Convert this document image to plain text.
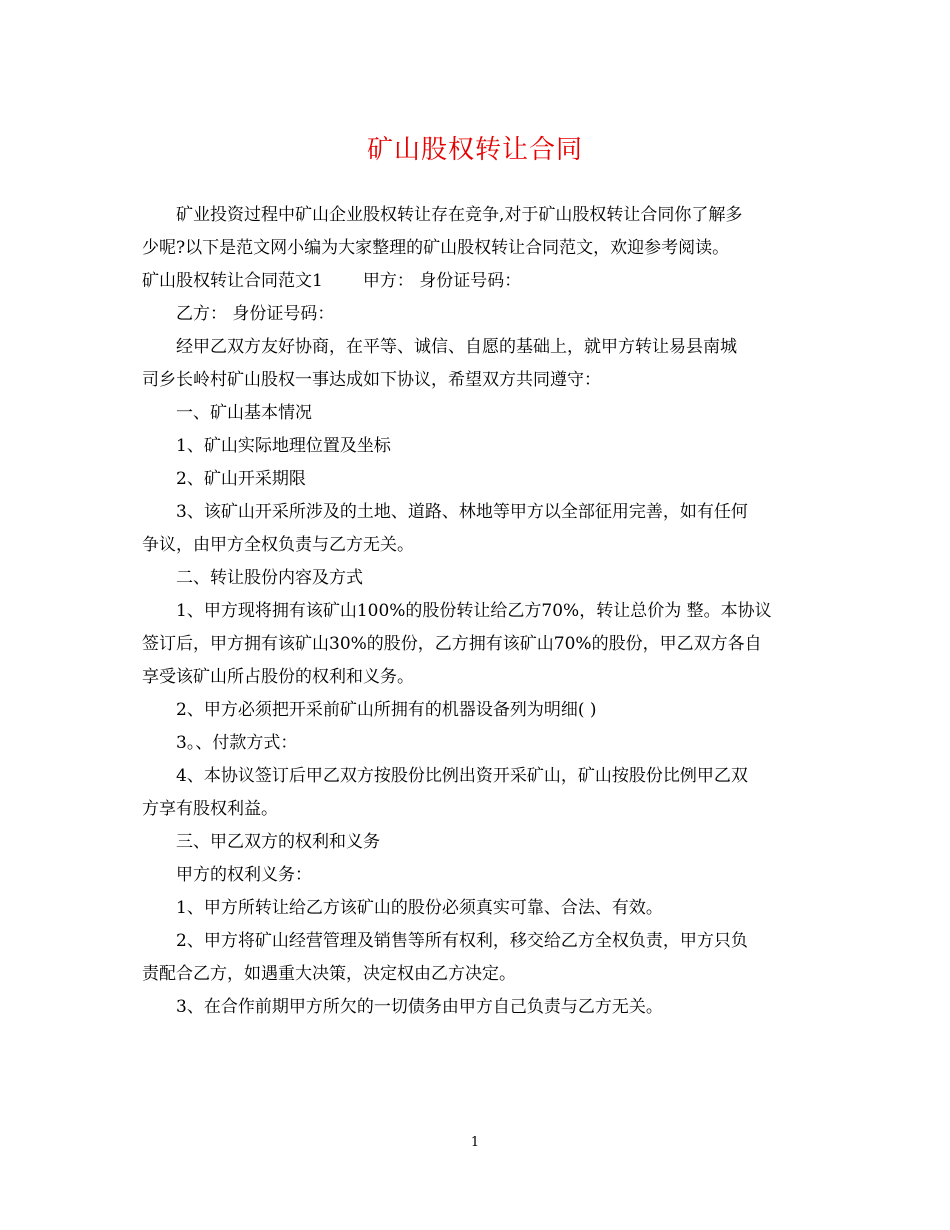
矿山股权转让合同
矿业投资过程中矿山企业股权转让存在竞争,对于矿山股权转让合同你了解多
少呢?以下是范文网小编为大家整理的矿山股权转让合同范文，欢迎参考阅读。
矿山股权转让合同范文1 甲方： 身份证号码：
乙方： 身份证号码：
经甲乙双方友好协商，在平等、诚信、自愿的基础上，就甲方转让易县南城
司乡长岭村矿山股权一事达成如下协议，希望双方共同遵守：
一、矿山基本情况
1、矿山实际地理位置及坐标
2、矿山开采期限
3、该矿山开采所涉及的土地、道路、林地等甲方以全部征用完善，如有任何
争议，由甲方全权负责与乙方无关。
二、转让股份内容及方式
1、甲方现将拥有该矿山100%的股份转让给乙方70%，转让总价为 整。本协议
签订后，甲方拥有该矿山30%的股份，乙方拥有该矿山70%的股份，甲乙双方各自
享受该矿山所占股份的权利和义务。
2、甲方必须把开采前矿山所拥有的机器设备列为明细( )
3。、付款方式：
4、本协议签订后甲乙双方按股份比例出资开采矿山，矿山按股份比例甲乙双
方享有股权利益。
三、甲乙双方的权利和义务
甲方的权利义务：
1、甲方所转让给乙方该矿山的股份必须真实可靠、合法、有效。
2、甲方将矿山经营管理及销售等所有权利，移交给乙方全权负责，甲方只负
责配合乙方，如遇重大决策，决定权由乙方决定。
3、在合作前期甲方所欠的一切债务由甲方自己负责与乙方无关。
1
